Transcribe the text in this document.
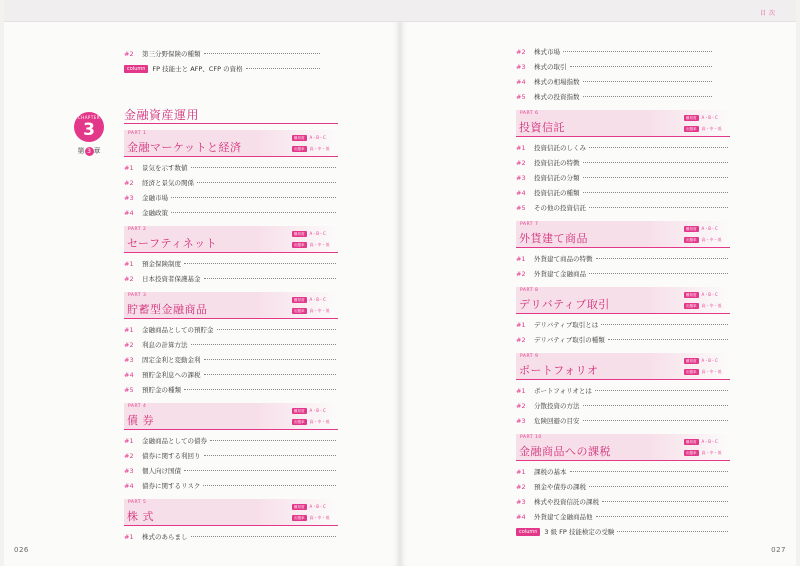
CHAPTER
3
第 3 章
#2	第三分野保険の種類
column	FP 技能士と AFP、CFP の資格
金融資産運用
PART 1
金融マーケットと経済
難易度	A・B・C
出題率	高・中・低
#1	景気を示す数値
#2	経済と景気の関係
#3	金融市場
#4	金融政策
PART 2
セーフティネット
難易度	A・B・C
出題率	高・中・低
#1	預金保険制度
#2	日本投資者保護基金
PART 3
貯蓄型金融商品
難易度	A・B・C
出題率	高・中・低
#1	金融商品としての預貯金
#2	利息の計算方法
#3	固定金利と変動金利
#4	預貯金利息への課税
#5	預貯金の種類
PART 4
債 券
難易度	A・B・C
出題率	高・中・低
#1	金融商品としての債券
#2	債券に関する利回り
#3	個人向け国債
#4	債券に関するリスク
PART 5
株 式
難易度	A・B・C
出題率	高・中・低
#1	株式のあらまし
026
目次
#2	株式市場
#3	株式の取引
#4	株式の相場指数
#5	株式の投資指数
PART 6
投資信託
難易度	A・B・C
出題率	高・中・低
#1	投資信託のしくみ
#2	投資信託の特徴
#3	投資信託の分類
#4	投資信託の種類
#5	その他の投資信託
PART 7
外貨建て商品
難易度	A・B・C
出題率	高・中・低
#1	外貨建て商品の特徴
#2	外貨建て金融商品
PART 8
デリバティブ取引
難易度	A・B・C
出題率	高・中・低
#1	デリバティブ取引とは
#2	デリバティブ取引の種類
PART 9
ポートフォリオ
難易度	A・B・C
出題率	高・中・低
#1	ポートフォリオとは
#2	分散投資の方法
#3	危険回避の目安
PART 10
金融商品への課税
難易度	A・B・C
出題率	高・中・低
#1	課税の基本
#2	預金や債券の課税
#3	株式や投資信託の課税
#4	外貨建て金融商品他
column	3 級 FP 技能検定の受験
027
